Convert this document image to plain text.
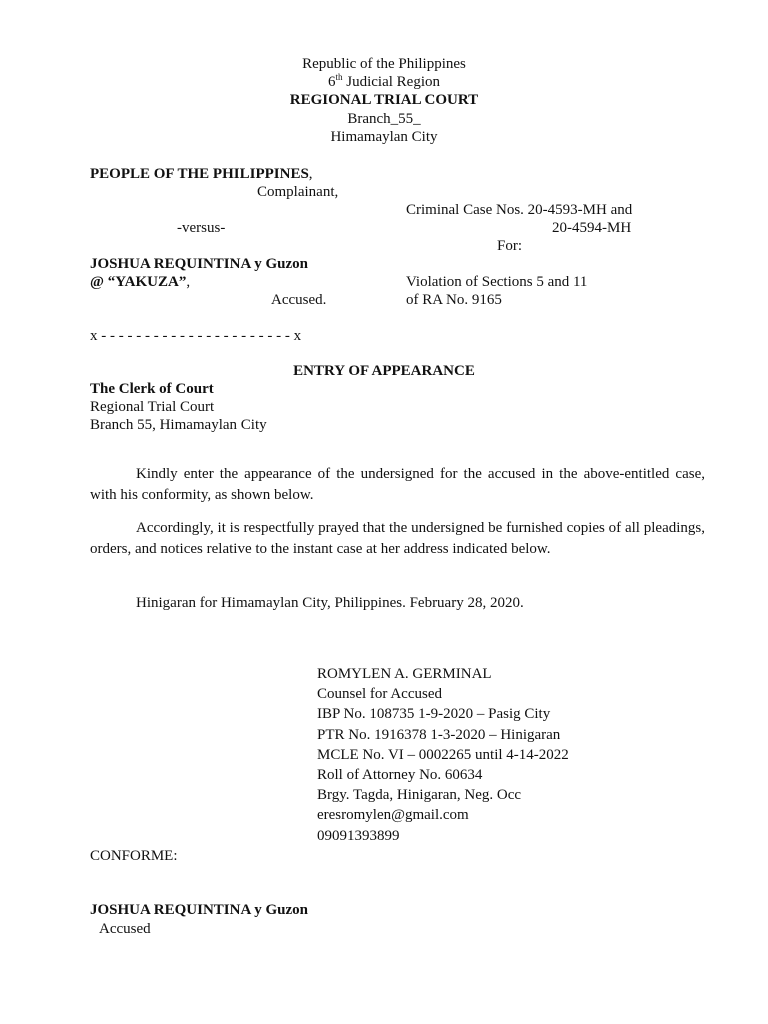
Republic of the Philippines
6th Judicial Region
REGIONAL TRIAL COURT
Branch_55_
Himamaylan City
PEOPLE OF THE PHILIPPINES,
Complainant,
Criminal Case Nos. 20-4593-MH and
-versus-	20-4594-MH
For:
JOSHUA REQUINTINA y Guzon
@ “YAKUZA”,	Violation of Sections 5 and 11
Accused.	of RA No. 9165
x - - - - - - - - - - - - - - - - - - - - - - x
ENTRY OF APPEARANCE
The Clerk of Court
Regional Trial Court
Branch 55, Himamaylan City
Kindly enter the appearance of the undersigned for the accused in the above-entitled case, with his conformity, as shown below.
Accordingly, it is respectfully prayed that the undersigned be furnished copies of all pleadings, orders, and notices relative to the instant case at her address indicated below.
Hinigaran for Himamaylan City, Philippines. February 28, 2020.
ROMYLEN A. GERMINAL
Counsel for Accused
IBP No. 108735 1-9-2020 – Pasig City
PTR No. 1916378 1-3-2020 – Hinigaran
MCLE No. VI – 0002265 until 4-14-2022
Roll of Attorney No. 60634
Brgy. Tagda, Hinigaran, Neg. Occ
eresromylen@gmail.com
09091393899
CONFORME:
JOSHUA REQUINTINA y Guzon
Accused
